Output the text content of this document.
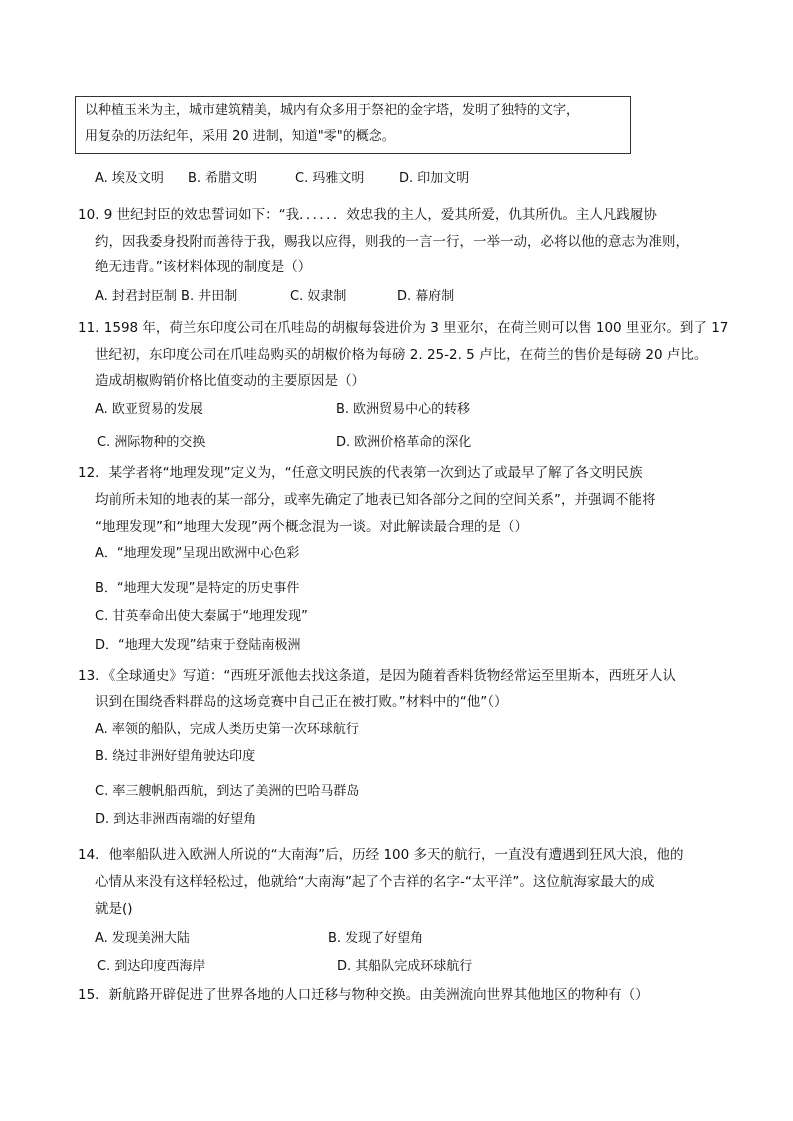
以种植玉米为主，城市建筑精美，城内有众多用于祭祀的金字塔，发明了独特的文字，
用复杂的历法纪年，采用 20 进制，知道"零"的概念。
A. 埃及文明 B. 希腊文明	C. 玛雅文明	D. 印加文明
10. 9 世纪封臣的效忠誓词如下：“我．．．．．．效忠我的主人，爱其所爱，仇其所仇。主人凡践履协
约，因我委身投附而善待于我，赐我以应得，则我的一言一行，一举一动，必将以他的意志为准则，
绝无违背。”该材料体现的制度是（）
A. 封君封臣制 B. 井田制	C. 奴隶制	D. 幕府制
11. 1598 年，荷兰东印度公司在爪哇岛的胡椒每袋进价为 3 里亚尔，在荷兰则可以售 100 里亚尔。到了 17
世纪初，东印度公司在爪哇岛购买的胡椒价格为每磅 2. 25-2. 5 卢比，在荷兰的售价是每磅 20 卢比。
造成胡椒购销价格比值变动的主要原因是（）
A. 欧亚贸易的发展	B. 欧洲贸易中心的转移
C. 洲际物种的交换	D. 欧洲价格革命的深化
12．某学者将“地理发现”定义为，“任意文明民族的代表第一次到达了或最早了解了各文明民族
均前所未知的地表的某一部分，或率先确定了地表已知各部分之间的空间关系”，并强调不能将
“地理发现”和“地理大发现”两个概念混为一谈。对此解读最合理的是（）
A．“地理发现”呈现出欧洲中心色彩
B．“地理大发现”是特定的历史事件
C. 甘英奉命出使大秦属于“地理发现”
D．“地理大发现”结束于登陆南极洲
13．《全球通史》写道：“西班牙派他去找这条道，是因为随着香料货物经常运至里斯本，西班牙人认
识到在围绕香料群岛的这场竞赛中自己正在被打败。”材料中的“他”（）
A. 率领的船队，完成人类历史第一次环球航行
B. 绕过非洲好望角驶达印度
C. 率三艘帆船西航，到达了美洲的巴哈马群岛
D. 到达非洲西南端的好望角
14．他率船队进入欧洲人所说的“大南海”后，历经 100 多天的航行，一直没有遭遇到狂风大浪，他的
心情从来没有这样轻松过，他就给“大南海”起了个吉祥的名字-“太平洋”。这位航海家最大的成
就是()
A. 发现美洲大陆	B. 发现了好望角
C. 到达印度西海岸	D. 其船队完成环球航行
15．新航路开辟促进了世界各地的人口迁移与物种交换。由美洲流向世界其他地区的物种有（）
